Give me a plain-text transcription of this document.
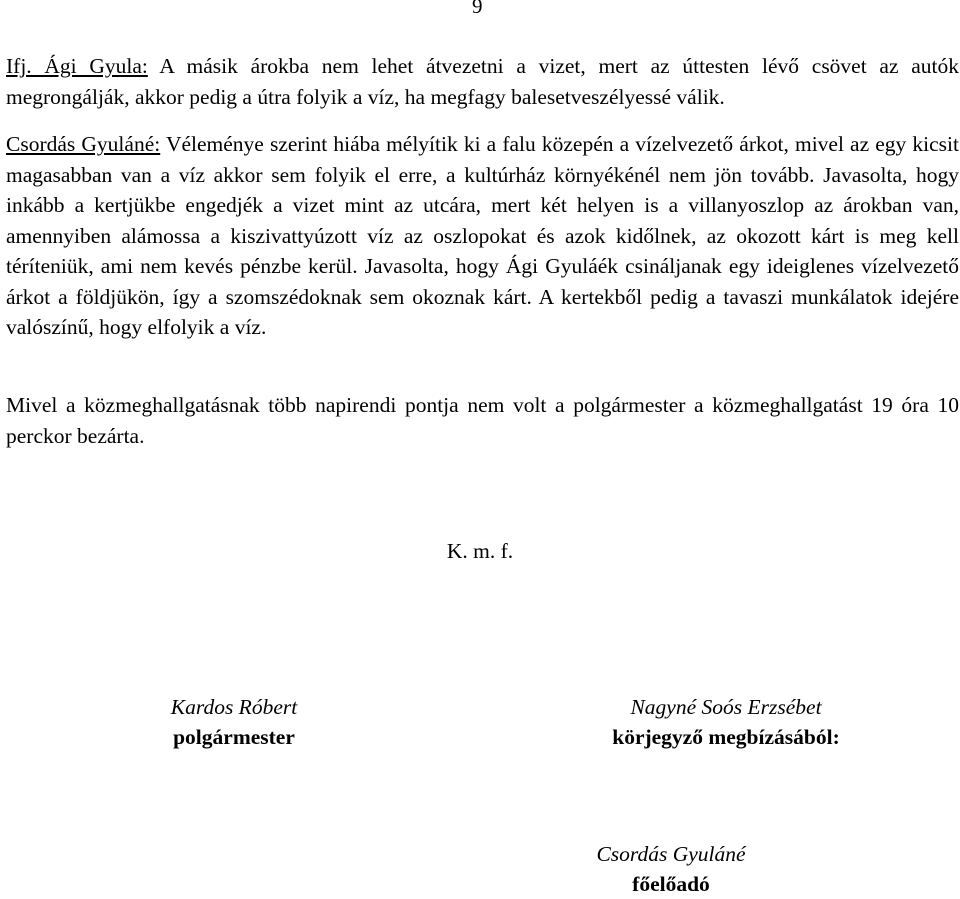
9

Ifj. Ági Gyula: A másik árokba nem lehet átvezetni a vizet, mert az úttesten lévő csövet az autók megrongálják, akkor pedig a útra folyik a víz, ha megfagy balesetveszélyessé válik.

Csordás Gyuláné: Véleménye szerint hiába mélyítik ki a falu közepén a vízelvezető árkot, mivel az egy kicsit magasabban van a víz akkor sem folyik el erre, a kultúrház környékénél nem jön tovább. Javasolta, hogy inkább a kertjükbe engedjék a vizet mint az utcára, mert két helyen is a villanyoszlop az árokban van, amennyiben alámossa a kiszivattyúzott víz az oszlopokat és azok kidőlnek, az okozott kárt is meg kell téríteniük, ami nem kevés pénzbe kerül. Javasolta, hogy Ági Gyuláék csináljanak egy ideiglenes vízelvezető árkot a földjükön, így a szomszédoknak sem okoznak kárt. A kertekből pedig a tavaszi munkálatok idejére valószínű, hogy elfolyik a víz.

Mivel a közmeghallgatásnak több napirendi pontja nem volt a polgármester a közmeghallgatást 19 óra 10 perckor bezárta.

K. m. f.
Kardos Róbert
polgármester
Nagyné Soós Erzsébet
körjegyző megbízásából:
Csordás Gyuláné
főelőadó
